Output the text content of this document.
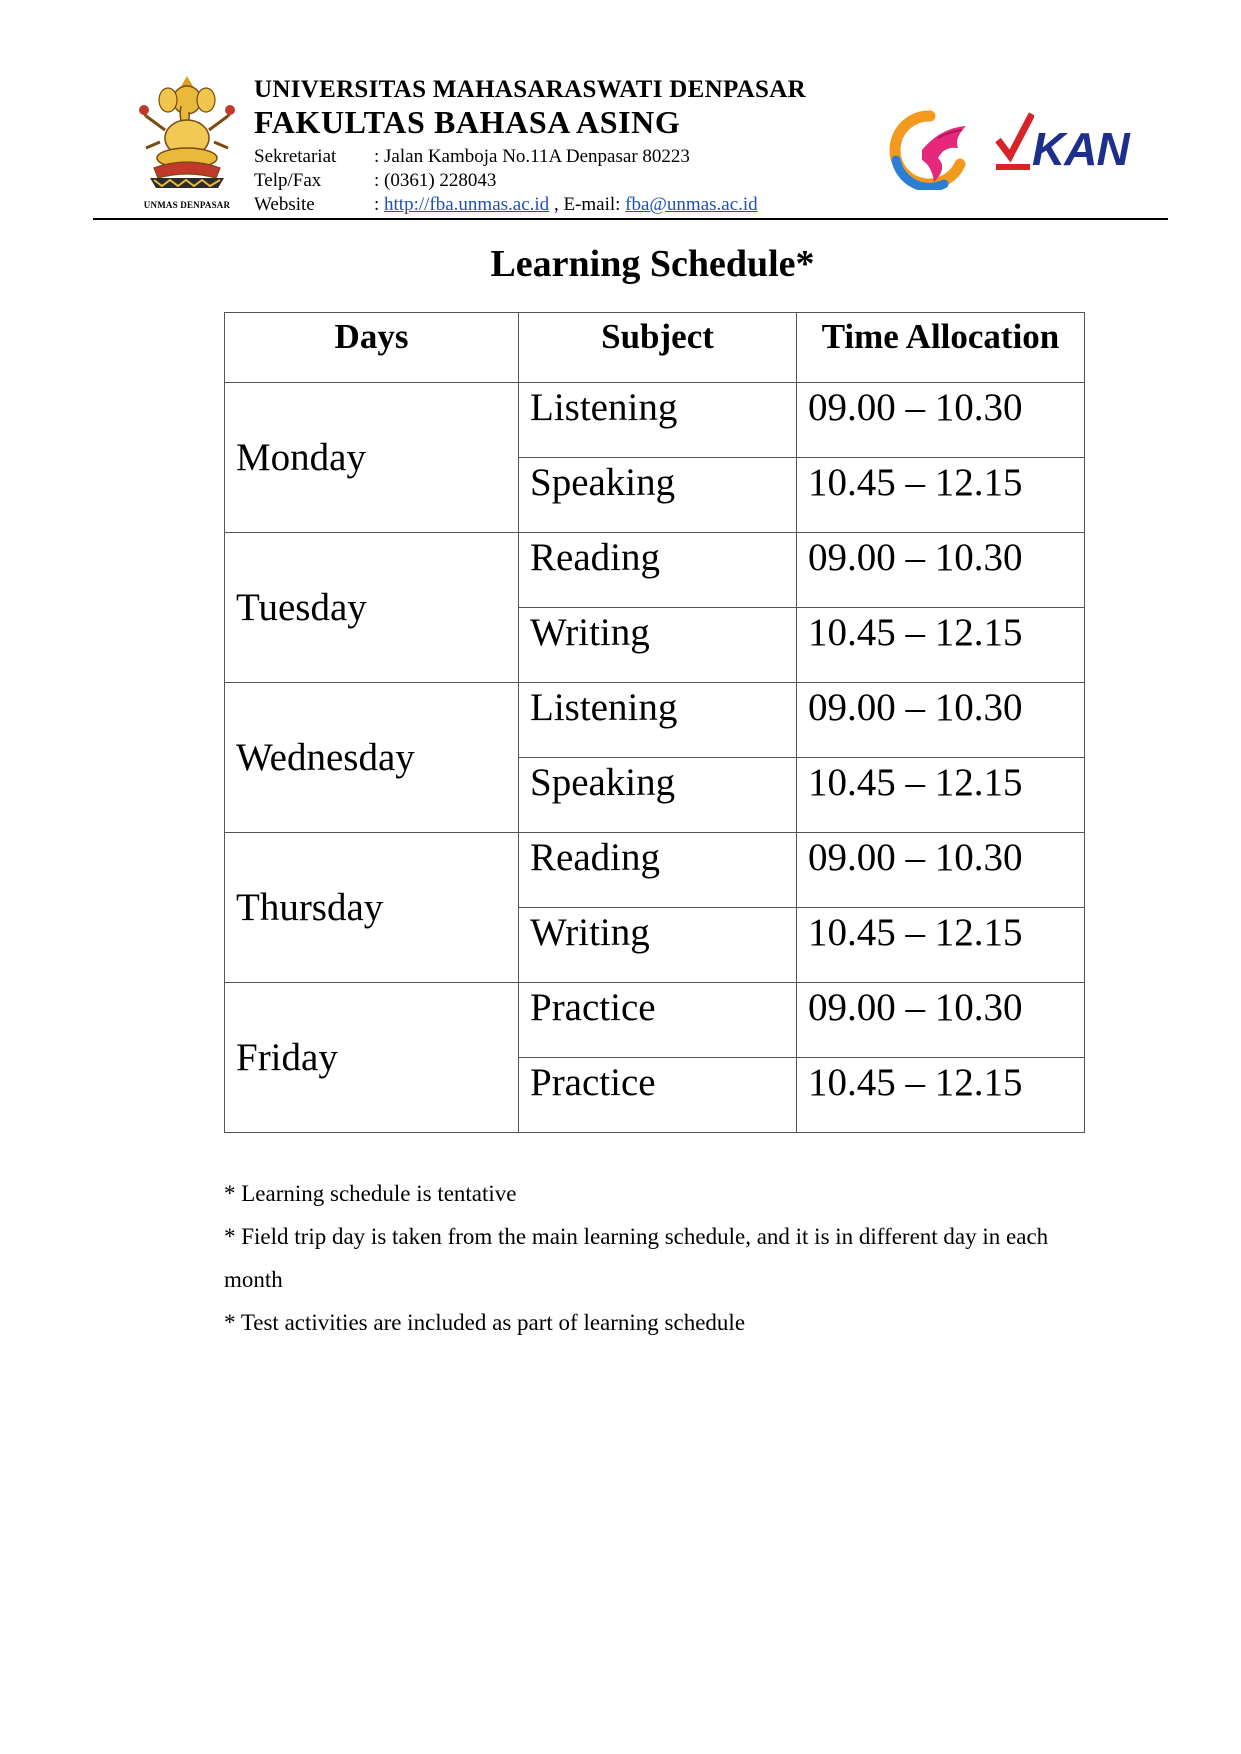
UNMAS DENPASAR
UNIVERSITAS MAHASARASWATI DENPASAR
FAKULTAS BAHASA ASING
Sekretariat : Jalan Kamboja No.11A Denpasar 80223
Telp/Fax	: (0361) 228043
Website	: http://fba.unmas.ac.id , E-mail: fba@unmas.ac.id
KAN
Learning Schedule*
Days	Subject	Time Allocation
Monday	Listening	09.00 – 10.30
	Speaking	10.45 – 12.15
Tuesday	Reading	09.00 – 10.30
	Writing	10.45 – 12.15
Wednesday	Listening	09.00 – 10.30
	Speaking	10.45 – 12.15
Thursday	Reading	09.00 – 10.30
	Writing	10.45 – 12.15
Friday	Practice	09.00 – 10.30
	Practice	10.45 – 12.15

* Learning schedule is tentative

* Field trip day is taken from the main learning schedule, and it is in different day in each month

* Test activities are included as part of learning schedule
